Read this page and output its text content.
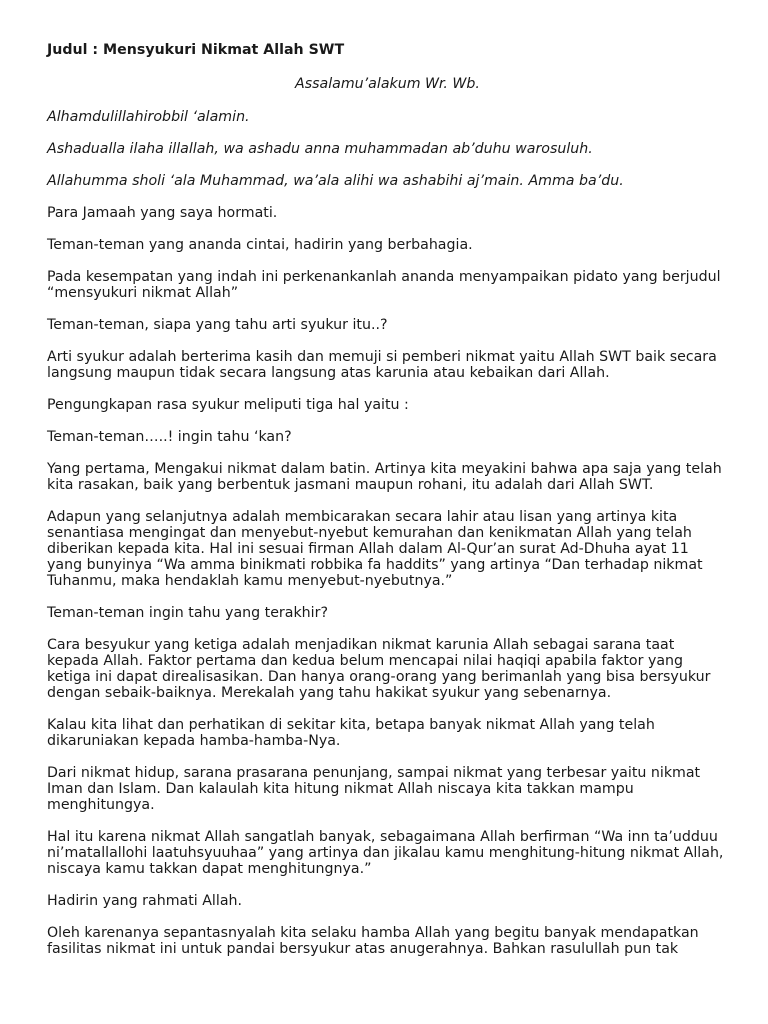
Judul : Mensyukuri Nikmat Allah SWT
Assalamu’alakum Wr. Wb.

Alhamdulillahirobbil ‘alamin.

Ashadualla ilaha illallah, wa ashadu anna muhammadan ab’duhu warosuluh.

Allahumma sholi ‘ala Muhammad, wa’ala alihi wa ashabihi aj’main. Amma ba’du.

Para Jamaah yang saya hormati.

Teman-teman yang ananda cintai, hadirin yang berbahagia.

Pada kesempatan yang indah ini perkenankanlah ananda menyampaikan pidato yang berjudul “mensyukuri nikmat Allah”

Teman-teman, siapa yang tahu arti syukur itu..?

Arti syukur adalah berterima kasih dan memuji si pemberi nikmat yaitu Allah SWT baik secara langsung maupun tidak secara langsung atas karunia atau kebaikan dari Allah.

Pengungkapan rasa syukur meliputi tiga hal yaitu :

Teman-teman…..! ingin tahu ‘kan?

Yang pertama, Mengakui nikmat dalam batin. Artinya kita meyakini bahwa apa saja yang telah kita rasakan, baik yang berbentuk jasmani maupun rohani, itu adalah dari Allah SWT.

Adapun yang selanjutnya adalah membicarakan secara lahir atau lisan yang artinya kita senantiasa mengingat dan menyebut-nyebut kemurahan dan kenikmatan Allah yang telah diberikan kepada kita. Hal ini sesuai firman Allah dalam Al-Qur’an surat Ad-Dhuha ayat 11 yang bunyinya “Wa amma binikmati robbika fa haddits” yang artinya “Dan terhadap nikmat Tuhanmu, maka hendaklah kamu menyebut-nyebutnya.”

Teman-teman ingin tahu yang terakhir?

Cara besyukur yang ketiga adalah menjadikan nikmat karunia Allah sebagai sarana taat kepada Allah. Faktor pertama dan kedua belum mencapai nilai haqiqi apabila faktor yang ketiga ini dapat direalisasikan. Dan hanya orang-orang yang berimanlah yang bisa bersyukur dengan sebaik-baiknya. Merekalah yang tahu hakikat syukur yang sebenarnya.

Kalau kita lihat dan perhatikan di sekitar kita, betapa banyak nikmat Allah yang telah dikaruniakan kepada hamba-hamba-Nya.

Dari nikmat hidup, sarana prasarana penunjang, sampai nikmat yang terbesar yaitu nikmat Iman dan Islam. Dan kalaulah kita hitung nikmat Allah niscaya kita takkan mampu menghitungya.

Hal itu karena nikmat Allah sangatlah banyak, sebagaimana Allah berfirman “Wa inn ta’udduu ni’matallallohi laatuhsyuuhaa” yang artinya dan jikalau kamu menghitung-hitung nikmat Allah, niscaya kamu takkan dapat menghitungnya.”

Hadirin yang rahmati Allah.

Oleh karenanya sepantasnyalah kita selaku hamba Allah yang begitu banyak mendapatkan fasilitas nikmat ini untuk pandai bersyukur atas anugerahnya. Bahkan rasulullah pun tak
